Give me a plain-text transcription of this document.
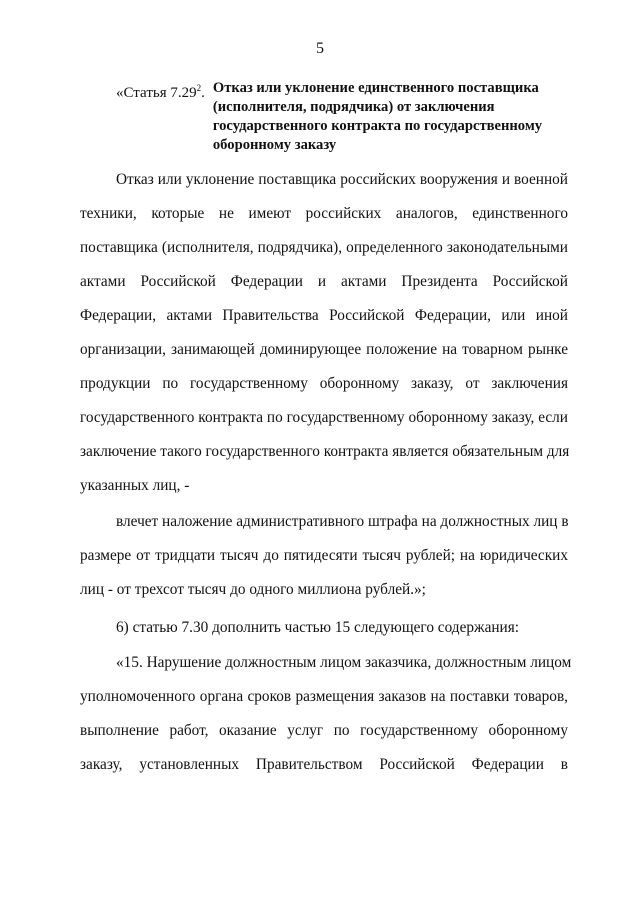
5
«Статья 7.29$^2$. Отказ или уклонение единственного поставщика
(исполнителя, подрядчика) от заключения
государственного контракта по государственному
оборонному заказу
Отказ или уклонение поставщика российских вооружения и военной
техники, которые не имеют российских аналогов, единственного
поставщика (исполнителя, подрядчика), определенного законодательными
актами Российской Федерации и актами Президента Российской
Федерации, актами Правительства Российской Федерации, или иной
организации, занимающей доминирующее положение на товарном рынке
продукции по государственному оборонному заказу, от заключения
государственного контракта по государственному оборонному заказу, если
заключение такого государственного контракта является обязательным для
указанных лиц, -
влечет наложение административного штрафа на должностных лиц в
размере от тридцати тысяч до пятидесяти тысяч рублей; на юридических
лиц - от трехсот тысяч до одного миллиона рублей.»;
6) статью 7.30 дополнить частью 15 следующего содержания:
«15. Нарушение должностным лицом заказчика, должностным лицом
уполномоченного органа сроков размещения заказов на поставки товаров,
выполнение работ, оказание услуг по государственному оборонному
заказу, установленных Правительством Российской Федерации в
